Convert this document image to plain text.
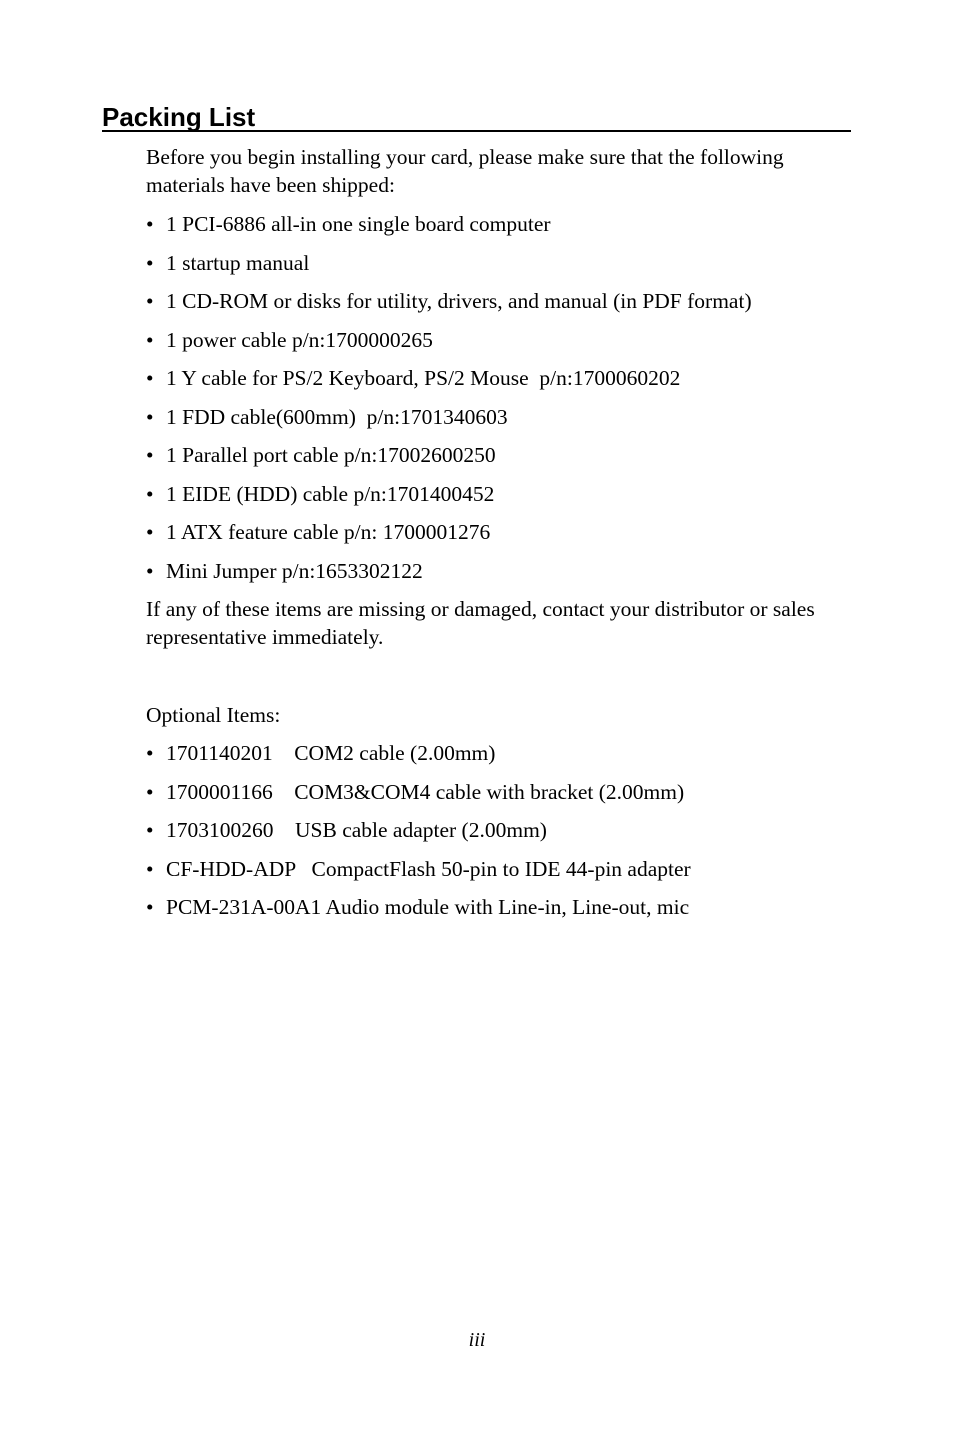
Packing List

Before you begin installing your card, please make sure that the following materials have been shipped:

• 1 PCI-6886 all-in one single board computer
• 1 startup manual
• 1 CD-ROM or disks for utility, drivers, and manual (in PDF format)
• 1 power cable p/n:1700000265
• 1 Y cable for PS/2 Keyboard, PS/2 Mouse  p/n:1700060202
• 1 FDD cable(600mm)  p/n:1701340603
• 1 Parallel port cable p/n:17002600250
• 1 EIDE (HDD) cable p/n:1701400452
• 1 ATX feature cable p/n: 1700001276
• Mini Jumper p/n:1653302122

If any of these items are missing or damaged, contact your distributor or sales representative immediately.

Optional Items:

• 1701140201    COM2 cable (2.00mm)
• 1700001166    COM3&COM4 cable with bracket (2.00mm)
• 1703100260    USB cable adapter (2.00mm)
• CF-HDD-ADP   CompactFlash 50-pin to IDE 44-pin adapter
• PCM-231A-00A1 Audio module with Line-in, Line-out, mic
iii
